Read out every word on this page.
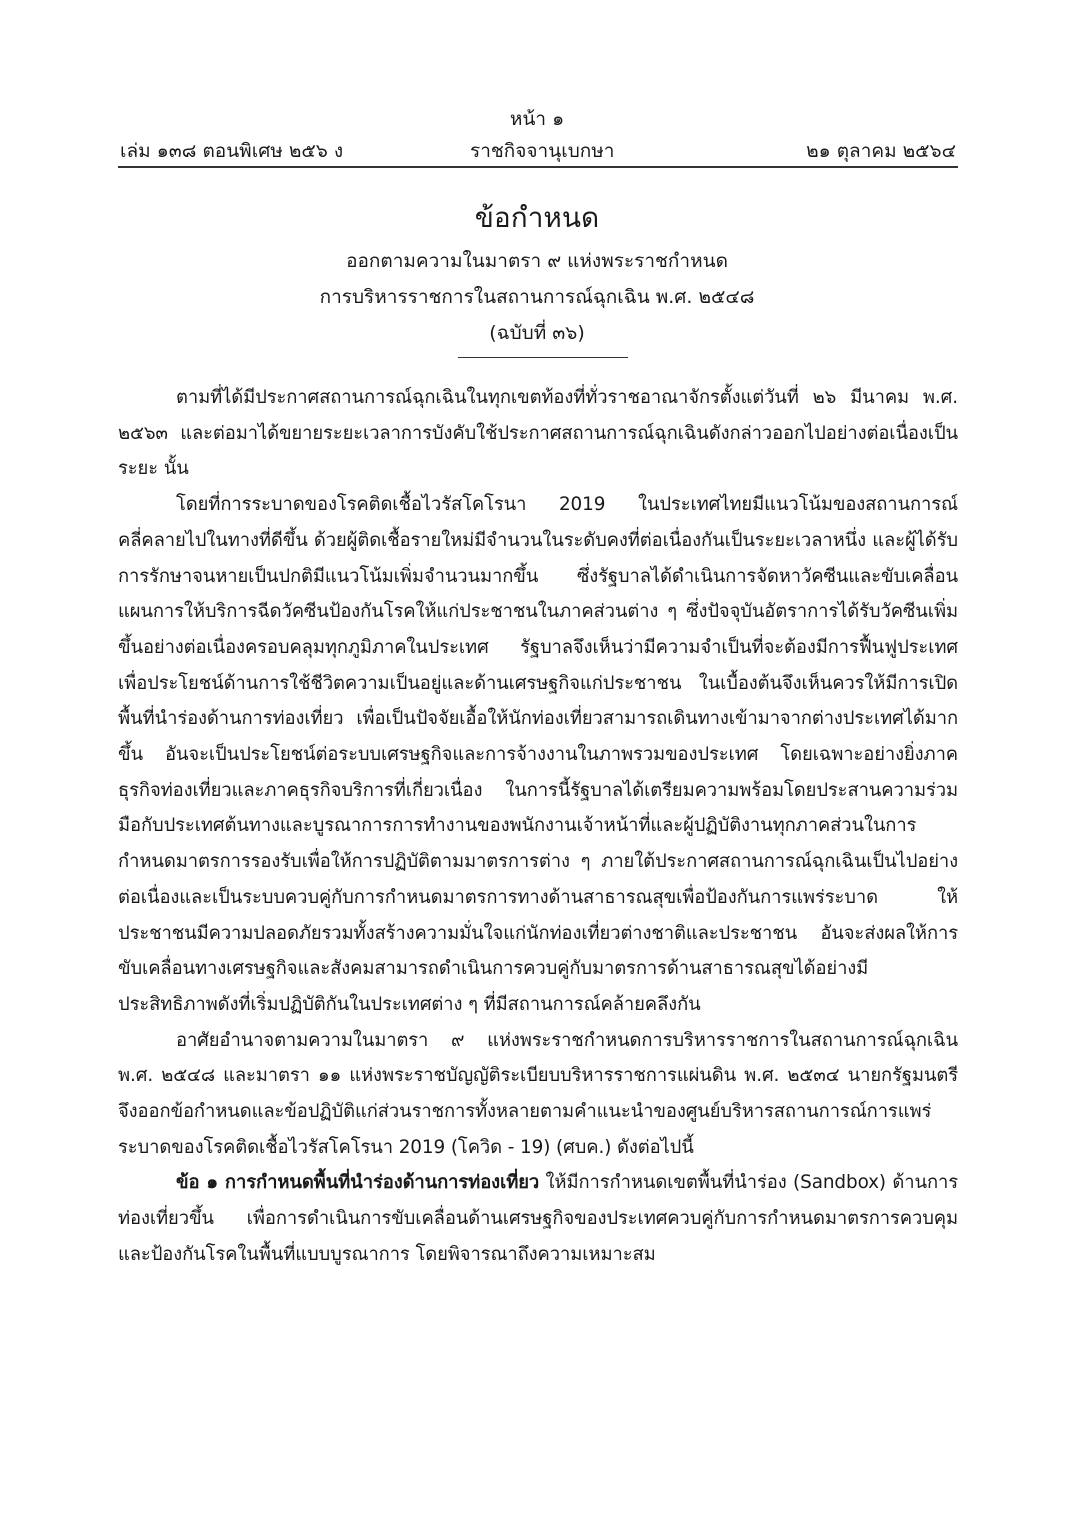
หน้า ๑
เล่ม ๑๓๘ ตอนพิเศษ ๒๕๖ ง	ราชกิจจานุเบกษา	๒๑ ตุลาคม ๒๕๖๔
ข้อกำหนด
ออกตามความในมาตรา ๙ แห่งพระราชกำหนด
การบริหารราชการในสถานการณ์ฉุกเฉิน พ.ศ. ๒๕๔๘
(ฉบับที่ ๓๖)

ตามที่ได้มีประกาศสถานการณ์ฉุกเฉินในทุกเขตท้องที่ทั่วราชอาณาจักรตั้งแต่วันที่ ๒๖ มีนาคม พ.ศ. ๒๕๖๓ และต่อมาได้ขยายระยะเวลาการบังคับใช้ประกาศสถานการณ์ฉุกเฉินดังกล่าวออกไปอย่างต่อเนื่องเป็นระยะ นั้น

โดยที่การระบาดของโรคติดเชื้อไวรัสโคโรนา 2019 ในประเทศไทยมีแนวโน้มของสถานการณ์คลี่คลายไปในทางที่ดีขึ้น ด้วยผู้ติดเชื้อรายใหม่มีจำนวนในระดับคงที่ต่อเนื่องกันเป็นระยะเวลาหนึ่ง และผู้ได้รับการรักษาจนหายเป็นปกติมีแนวโน้มเพิ่มจำนวนมากขึ้น ซึ่งรัฐบาลได้ดำเนินการจัดหาวัคซีนและขับเคลื่อนแผนการให้บริการฉีดวัคซีนป้องกันโรคให้แก่ประชาชนในภาคส่วนต่าง ๆ ซึ่งปัจจุบันอัตราการได้รับวัคซีนเพิ่มขึ้นอย่างต่อเนื่องครอบคลุมทุกภูมิภาคในประเทศ รัฐบาลจึงเห็นว่ามีความจำเป็นที่จะต้องมีการฟื้นฟูประเทศเพื่อประโยชน์ด้านการใช้ชีวิตความเป็นอยู่และด้านเศรษฐกิจแก่ประชาชน ในเบื้องต้นจึงเห็นควรให้มีการเปิดพื้นที่นำร่องด้านการท่องเที่ยว เพื่อเป็นปัจจัยเอื้อให้นักท่องเที่ยวสามารถเดินทางเข้ามาจากต่างประเทศได้มากขึ้น อันจะเป็นประโยชน์ต่อระบบเศรษฐกิจและการจ้างงานในภาพรวมของประเทศ โดยเฉพาะอย่างยิ่งภาคธุรกิจท่องเที่ยวและภาคธุรกิจบริการที่เกี่ยวเนื่อง ในการนี้รัฐบาลได้เตรียมความพร้อมโดยประสานความร่วมมือกับประเทศต้นทางและบูรณาการการทำงานของพนักงานเจ้าหน้าที่และผู้ปฏิบัติงานทุกภาคส่วนในการกำหนดมาตรการรองรับเพื่อให้การปฏิบัติตามมาตรการต่าง ๆ ภายใต้ประกาศสถานการณ์ฉุกเฉินเป็นไปอย่างต่อเนื่องและเป็นระบบควบคู่กับการกำหนดมาตรการทางด้านสาธารณสุขเพื่อป้องกันการแพร่ระบาด ให้ประชาชนมีความปลอดภัยรวมทั้งสร้างความมั่นใจแก่นักท่องเที่ยวต่างชาติและประชาชน อันจะส่งผลให้การขับเคลื่อนทางเศรษฐกิจและสังคมสามารถดำเนินการควบคู่กับมาตรการด้านสาธารณสุขได้อย่างมีประสิทธิภาพดังที่เริ่มปฏิบัติกันในประเทศต่าง ๆ ที่มีสถานการณ์คล้ายคลึงกัน

อาศัยอำนาจตามความในมาตรา ๙ แห่งพระราชกำหนดการบริหารราชการในสถานการณ์ฉุกเฉิน พ.ศ. ๒๕๔๘ และมาตรา ๑๑ แห่งพระราชบัญญัติระเบียบบริหารราชการแผ่นดิน พ.ศ. ๒๕๓๔ นายกรัฐมนตรีจึงออกข้อกำหนดและข้อปฏิบัติแก่ส่วนราชการทั้งหลายตามคำแนะนำของศูนย์บริหารสถานการณ์การแพร่ระบาดของโรคติดเชื้อไวรัสโคโรนา 2019 (โควิด - 19) (ศบค.) ดังต่อไปนี้

ข้อ ๑ การกำหนดพื้นที่นำร่องด้านการท่องเที่ยว ให้มีการกำหนดเขตพื้นที่นำร่อง (Sandbox) ด้านการท่องเที่ยวขึ้น เพื่อการดำเนินการขับเคลื่อนด้านเศรษฐกิจของประเทศควบคู่กับการกำหนดมาตรการควบคุมและป้องกันโรคในพื้นที่แบบบูรณาการ โดยพิจารณาถึงความเหมาะสม
